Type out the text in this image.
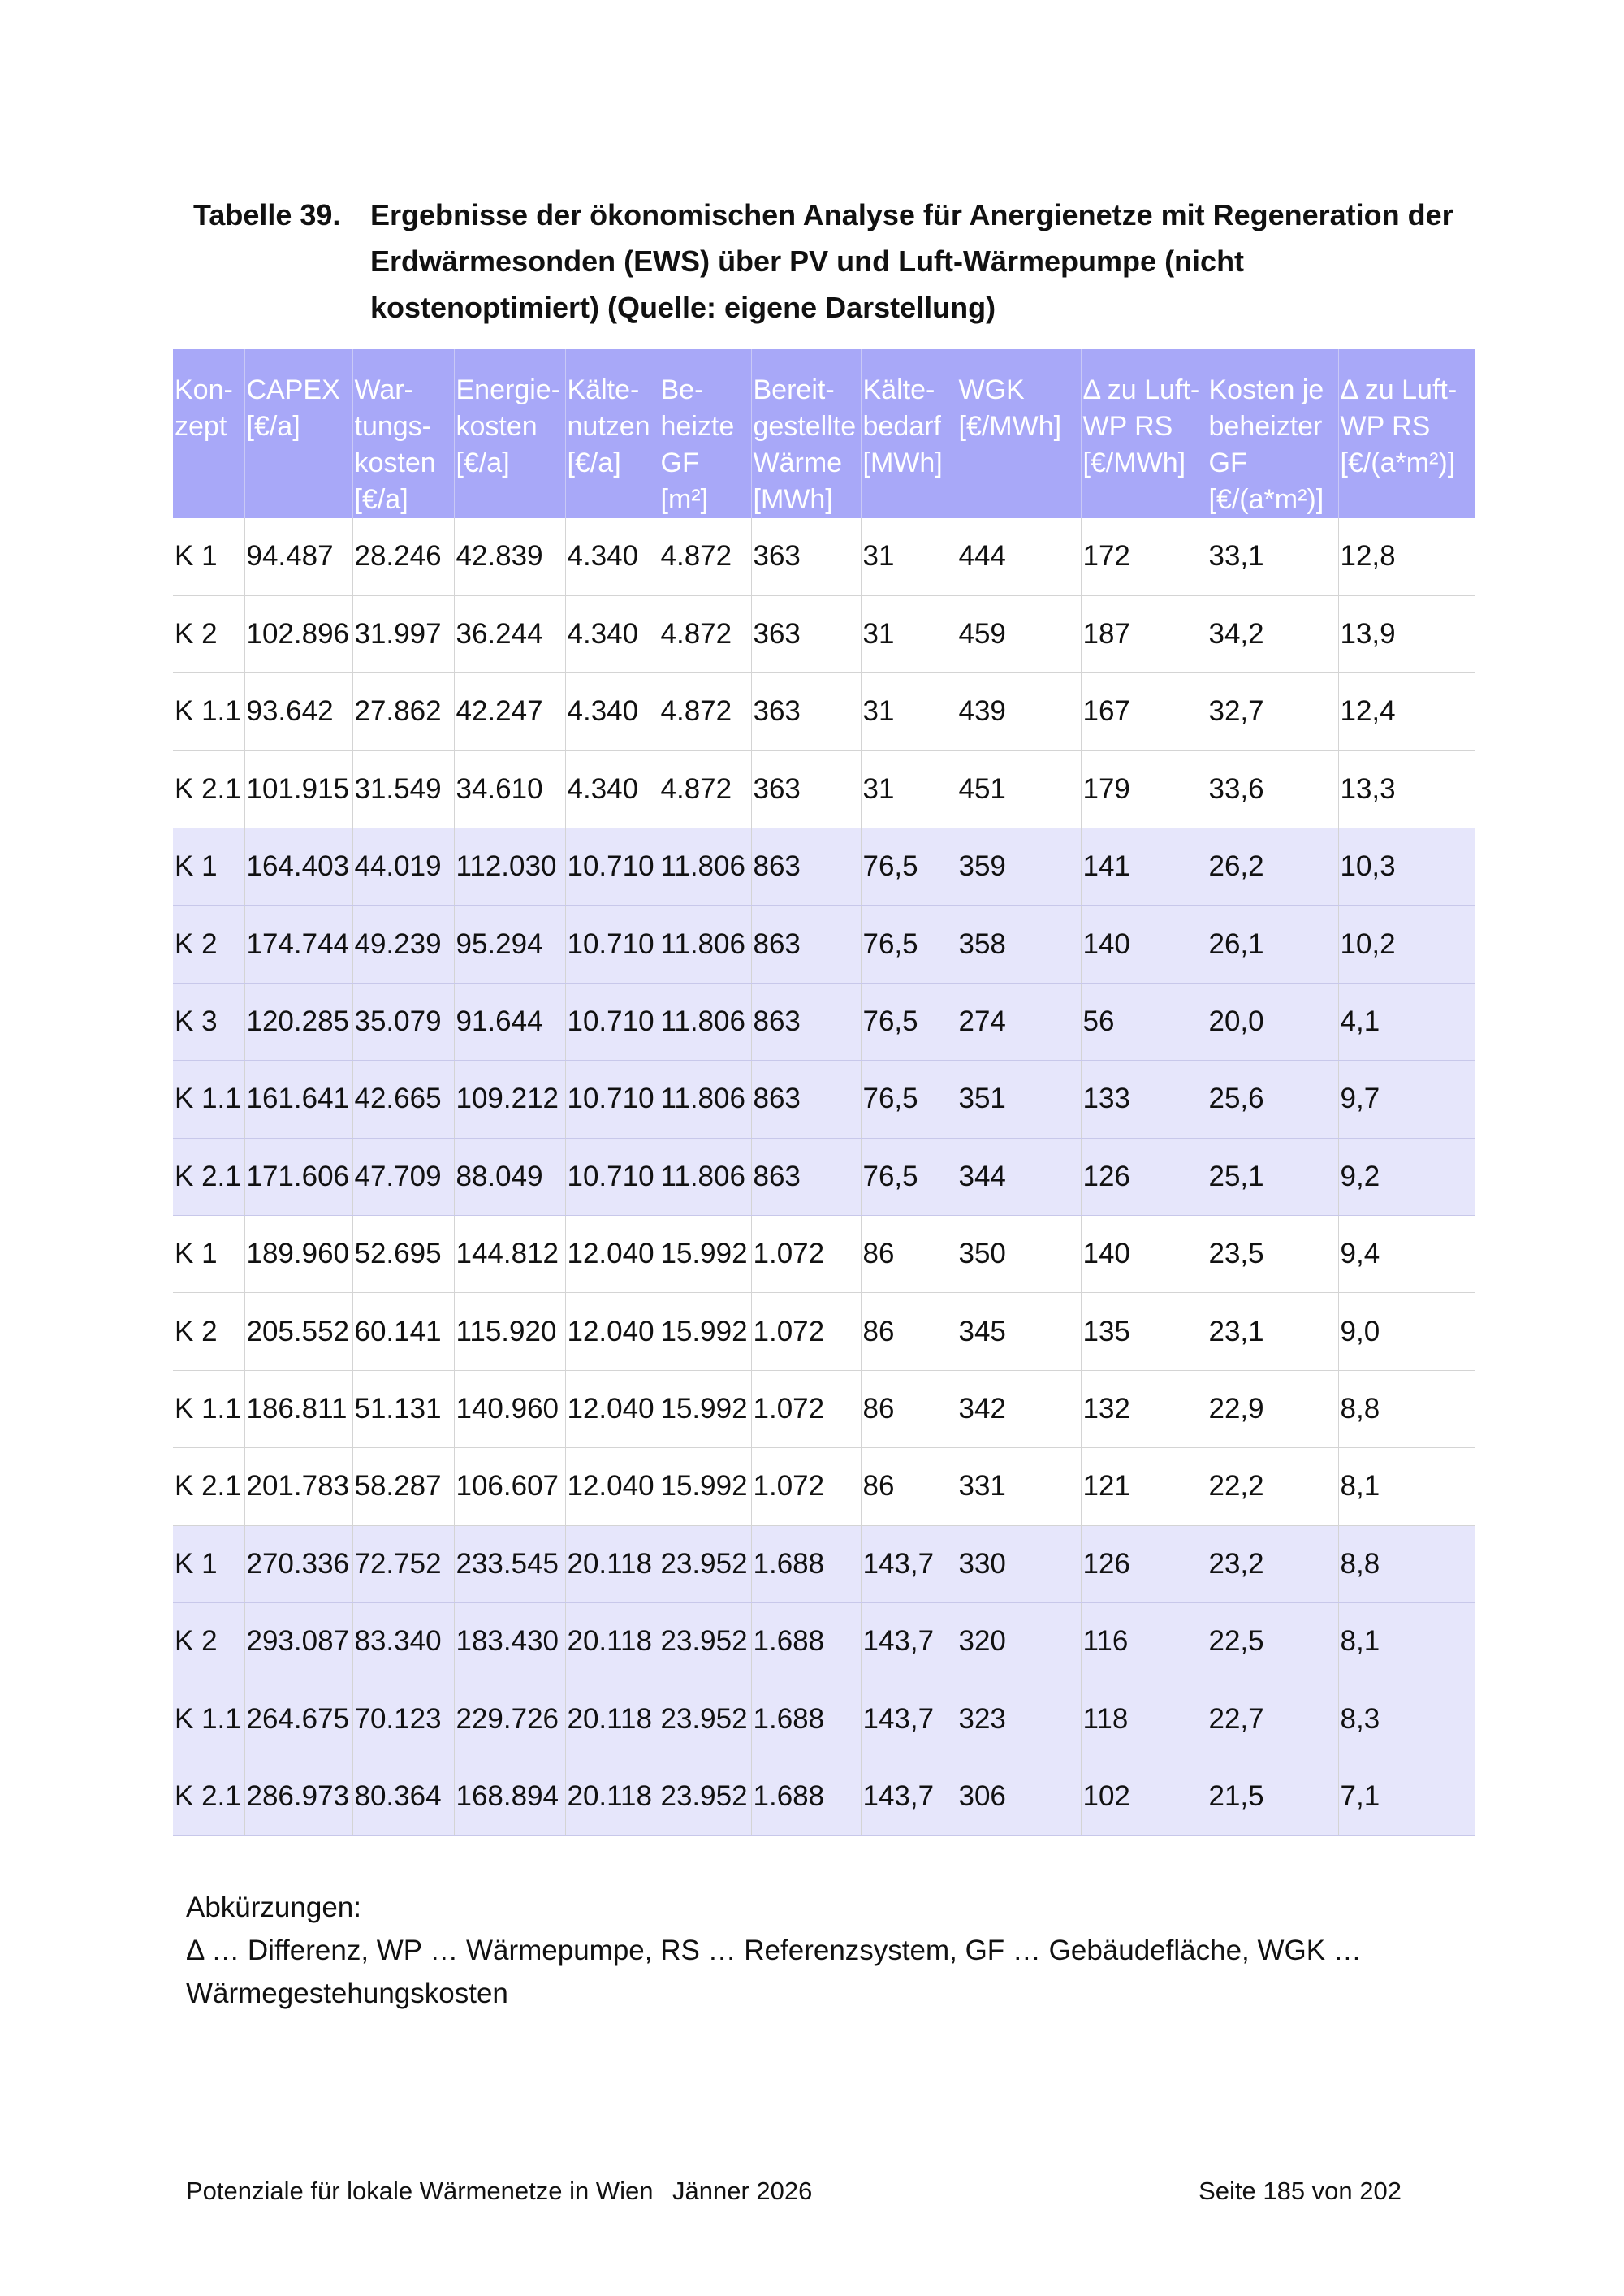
Tabelle 39.	Ergebnisse der ökonomischen Analyse für Anergienetze mit Regeneration der Erdwärmesonden (EWS) über PV und Luft-Wärmepumpe (nicht kostenoptimiert) (Quelle: eigene Darstellung)
Kon-zept	CAPEX [€/a]	War-tungs-kosten [€/a]	Energie-kosten [€/a]	Kälte-nutzen [€/a]	Be-heizte GF [m²]	Bereit-gestellte Wärme [MWh]	Kälte-bedarf [MWh]	WGK [€/MWh]	Δ zu Luft-WP RS [€/MWh]	Kosten je beheizter GF [€/(a*m²)]	Δ zu Luft-WP RS [€/(a*m²)]
K 1	94.487	28.246	42.839	4.340	4.872	363	31	444	172	33,1	12,8
K 2	102.896	31.997	36.244	4.340	4.872	363	31	459	187	34,2	13,9
K 1.1	93.642	27.862	42.247	4.340	4.872	363	31	439	167	32,7	12,4
K 2.1	101.915	31.549	34.610	4.340	4.872	363	31	451	179	33,6	13,3
K 1	164.403	44.019	112.030	10.710	11.806	863	76,5	359	141	26,2	10,3
K 2	174.744	49.239	95.294	10.710	11.806	863	76,5	358	140	26,1	10,2
K 3	120.285	35.079	91.644	10.710	11.806	863	76,5	274	56	20,0	4,1
K 1.1	161.641	42.665	109.212	10.710	11.806	863	76,5	351	133	25,6	9,7
K 2.1	171.606	47.709	88.049	10.710	11.806	863	76,5	344	126	25,1	9,2
K 1	189.960	52.695	144.812	12.040	15.992	1.072	86	350	140	23,5	9,4
K 2	205.552	60.141	115.920	12.040	15.992	1.072	86	345	135	23,1	9,0
K 1.1	186.811	51.131	140.960	12.040	15.992	1.072	86	342	132	22,9	8,8
K 2.1	201.783	58.287	106.607	12.040	15.992	1.072	86	331	121	22,2	8,1
K 1	270.336	72.752	233.545	20.118	23.952	1.688	143,7	330	126	23,2	8,8
K 2	293.087	83.340	183.430	20.118	23.952	1.688	143,7	320	116	22,5	8,1
K 1.1	264.675	70.123	229.726	20.118	23.952	1.688	143,7	323	118	22,7	8,3
K 2.1	286.973	80.364	168.894	20.118	23.952	1.688	143,7	306	102	21,5	7,1
Abkürzungen:
Δ … Differenz, WP … Wärmepumpe, RS … Referenzsystem, GF … Gebäudefläche, WGK … Wärmegestehungskosten
Potenziale für lokale Wärmenetze in Wien Jänner 2026	Seite 185 von 202
